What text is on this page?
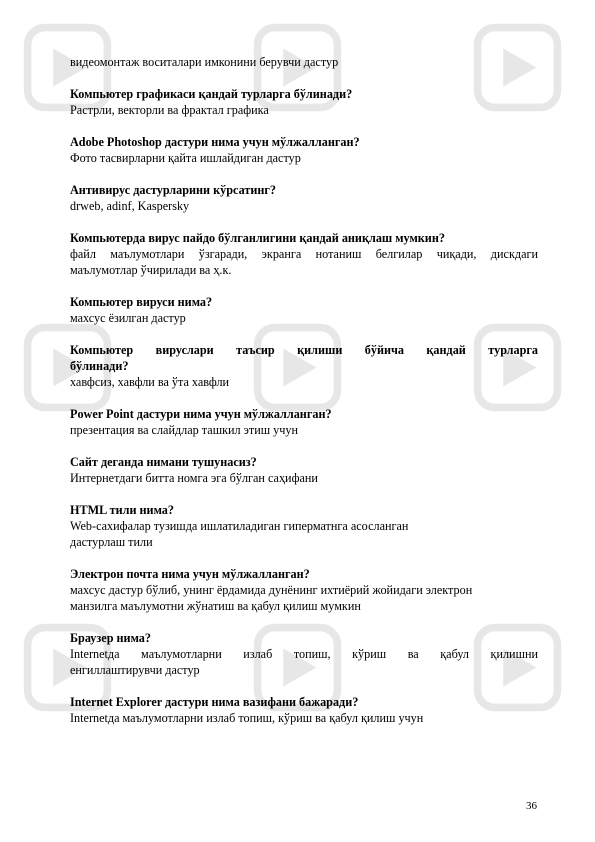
видеомонтаж воситалари имконини берувчи дастур
Компьютер графикаси қандай турларга бўлинади?
Растрли, векторли ва фрактал графика
Adobe Photoshop дастури нима учун мўлжалланган?
Фото тасвирларни қайта ишлайдиган дастур
Антивирус дастурларини кўрсатинг?
drweb, adinf, Kaspersky
Компьютерда вирус пайдо бўлганлигини қандай аниқлаш мумкин?
файл маълумотлари ўзгаради, экранга нотаниш белгилар чиқади, дискдаги
маълумотлар ўчирилади ва ҳ.к.
Компьютер вируси нима?
махсус ёзилган дастур
Компьютер вируслари таъсир қилиши бўйича қандай турларга
бўлинади?
хавфсиз, хавфли ва ўта хавфли
Power Point дастури нима учун мўлжалланган?
презентация ва слайдлар ташкил этиш учун
Сайт деганда нимани тушунасиз?
Интернетдаги битта номга эга бўлган саҳифани
HTML тили нима?
Web-сахифалар тузишда ишлатиладиган гиперматнга асосланган
дастурлаш тили
Электрон почта нима учун мўлжалланган?
махсус дастур бўлиб, унинг ёрдамида дунёнинг ихтиёрий жойидаги электрон
манзилга маълумотни жўнатиш ва қабул қилиш мумкин
Браузер нима?
Internetда маълумотларни излаб топиш, кўриш ва қабул қилишни
енгиллаштирувчи дастур
Internet Explorer дастури нима вазифани бажаради?
Internetда маълумотларни излаб топиш, кўриш ва қабул қилиш учун
36
